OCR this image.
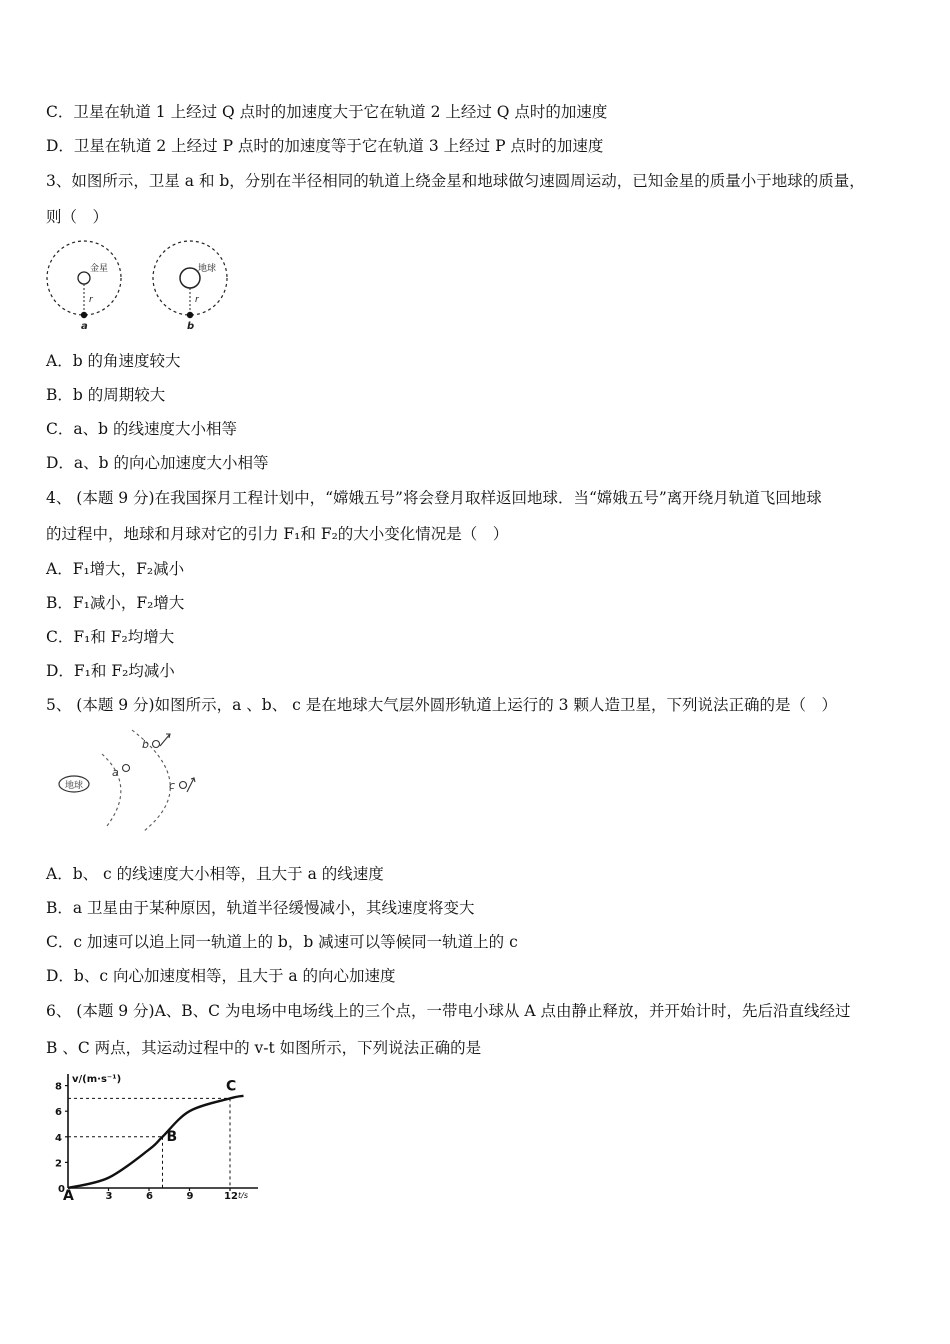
C．卫星在轨道 1 上经过 Q 点时的加速度大于它在轨道 2 上经过 Q 点时的加速度
D．卫星在轨道 2 上经过 P 点时的加速度等于它在轨道 3 上经过 P 点时的加速度
3、如图所示，卫星 a 和 b，分别在半径相同的轨道上绕金星和地球做匀速圆周运动，已知金星的质量小于地球的质量，
则（　）
金星
r
a
地球
r
b
A．b 的角速度较大
B．b 的周期较大
C．a、b 的线速度大小相等
D．a、b 的向心加速度大小相等
4、 (本题 9 分)在我国探月工程计划中，“嫦娥五号”将会登月取样返回地球．当“嫦娥五号”离开绕月轨道飞回地球
的过程中，地球和月球对它的引力 F₁和 F₂的大小变化情况是（　）
A．F₁增大，F₂减小
B．F₁减小，F₂增大
C．F₁和 F₂均增大
D．F₁和 F₂均减小
5、 (本题 9 分)如图所示，a 、b、 c 是在地球大气层外圆形轨道上运行的 3 颗人造卫星，下列说法正确的是（　）
地球
a
b
c
A．b、 c 的线速度大小相等，且大于 a 的线速度
B．a 卫星由于某种原因，轨道半径缓慢减小，其线速度将变大
C．c 加速可以追上同一轨道上的 b，b 减速可以等候同一轨道上的 c
D．b、c 向心加速度相等，且大于 a 的向心加速度
6、 (本题 9 分)A、B、C 为电场中电场线上的三个点，一带电小球从 A 点由静止释放，并开始计时，先后沿直线经过
B 、C 两点，其运动过程中的 v-t 如图所示，下列说法正确的是
v/(m·s⁻¹)
t/s
0
2
4
6
8
3	6	9	12
A
B
C
